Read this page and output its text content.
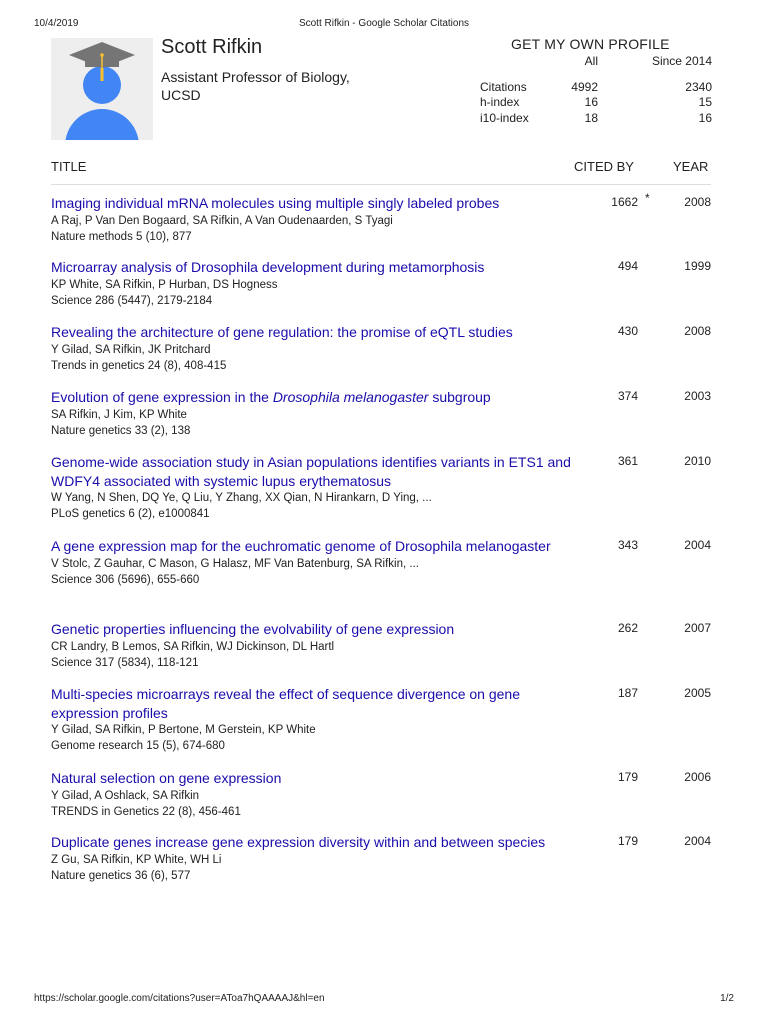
10/4/2019	Scott Rifkin - Google Scholar Citations
Scott Rifkin
Assistant Professor of Biology, UCSD
GET MY OWN PROFILE
All	Since 2014
Citations	4992	2340
h-index	16	15
i10-index	18	16
TITLE	CITED BY	YEAR
Imaging individual mRNA molecules using multiple singly labeled probes
A Raj, P Van Den Bogaard, SA Rifkin, A Van Oudenaarden, S Tyagi
Nature methods 5 (10), 877
1662 *	2008
Microarray analysis of Drosophila development during metamorphosis
KP White, SA Rifkin, P Hurban, DS Hogness
Science 286 (5447), 2179-2184
494	1999
Revealing the architecture of gene regulation: the promise of eQTL studies
Y Gilad, SA Rifkin, JK Pritchard
Trends in genetics 24 (8), 408-415
430	2008
Evolution of gene expression in the Drosophila melanogaster subgroup
SA Rifkin, J Kim, KP White
Nature genetics 33 (2), 138
374	2003
Genome-wide association study in Asian populations identifies variants in ETS1 and WDFY4 associated with systemic lupus erythematosus
W Yang, N Shen, DQ Ye, Q Liu, Y Zhang, XX Qian, N Hirankarn, D Ying, ...
PLoS genetics 6 (2), e1000841
361	2010
A gene expression map for the euchromatic genome of Drosophila melanogaster
V Stolc, Z Gauhar, C Mason, G Halasz, MF Van Batenburg, SA Rifkin, ...
Science 306 (5696), 655-660
343	2004
Genetic properties influencing the evolvability of gene expression
CR Landry, B Lemos, SA Rifkin, WJ Dickinson, DL Hartl
Science 317 (5834), 118-121
262	2007
Multi-species microarrays reveal the effect of sequence divergence on gene expression profiles
Y Gilad, SA Rifkin, P Bertone, M Gerstein, KP White
Genome research 15 (5), 674-680
187	2005
Natural selection on gene expression
Y Gilad, A Oshlack, SA Rifkin
TRENDS in Genetics 22 (8), 456-461
179	2006
Duplicate genes increase gene expression diversity within and between species
Z Gu, SA Rifkin, KP White, WH Li
Nature genetics 36 (6), 577
179	2004
https://scholar.google.com/citations?user=AToa7hQAAAAJ&hl=en	1/2
